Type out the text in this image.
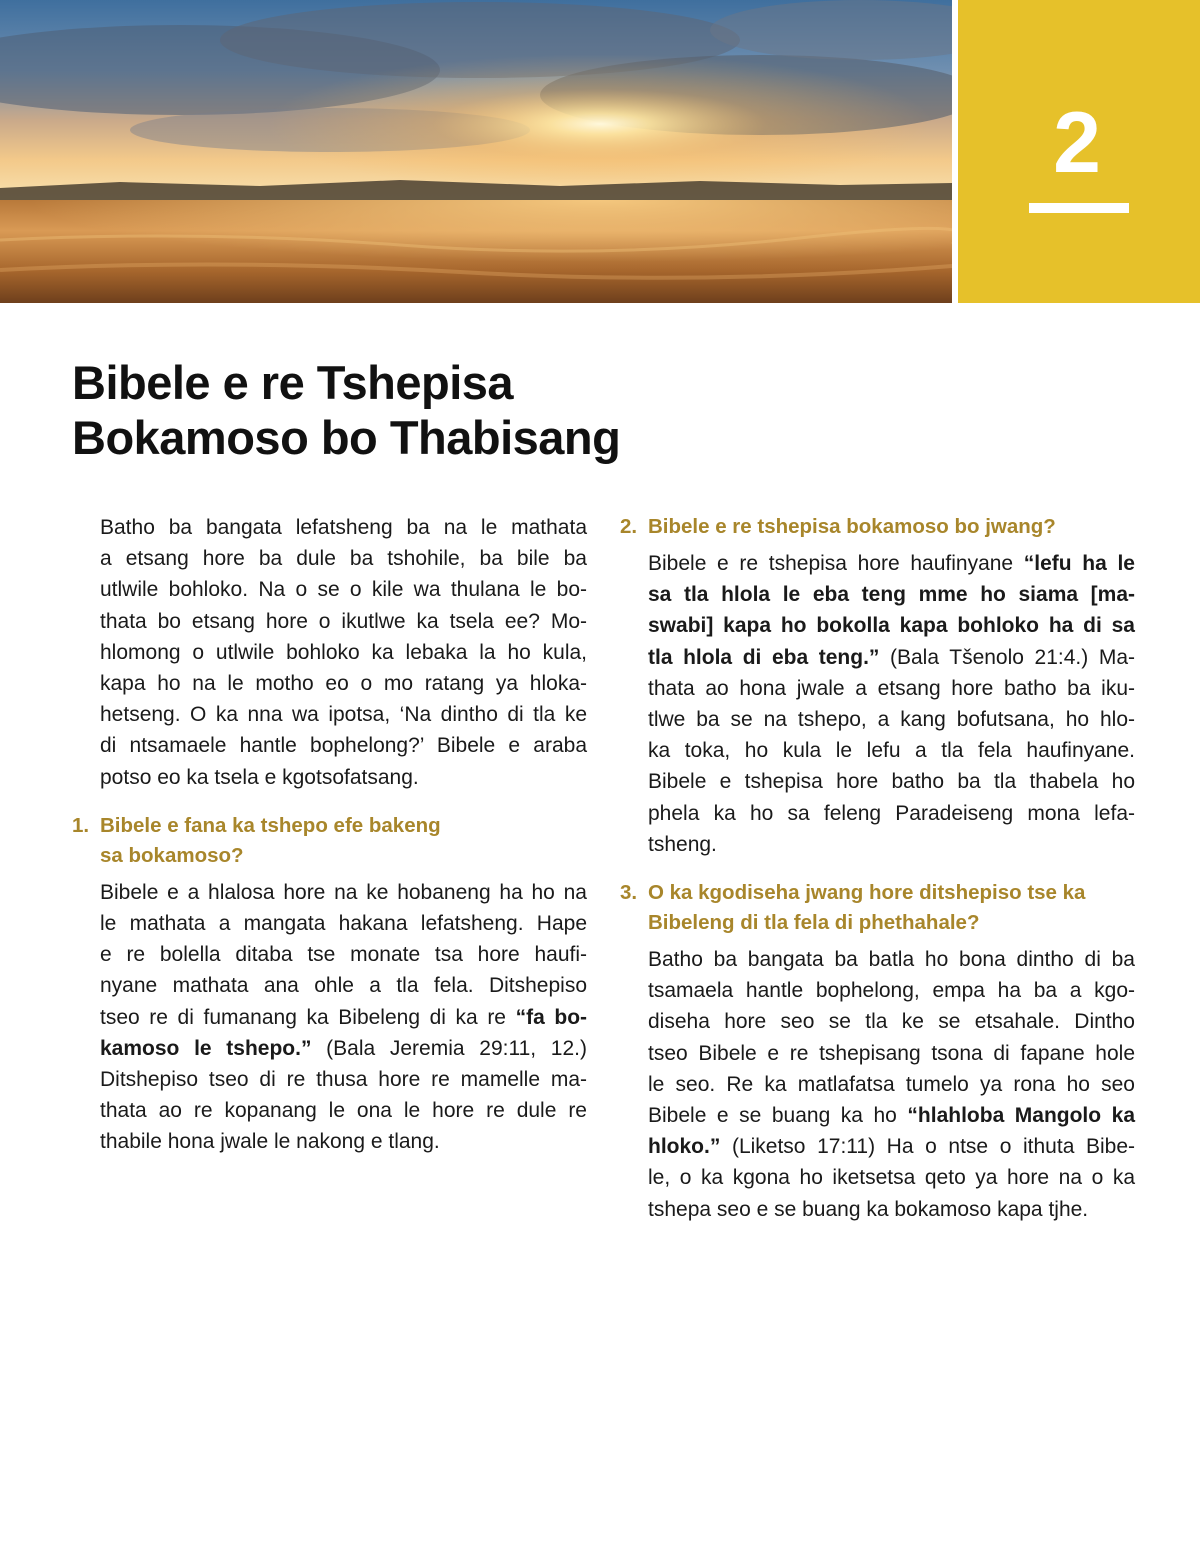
2
Bibele e re Tshepisa
Bokamoso bo Thabisang
Batho ba bangata lefatsheng ba na le mathata
a etsang hore ba dule ba tshohile, ba bile ba
utlwile bohloko. Na o se o kile wa thulana le bo-
thata bo etsang hore o ikutlwe ka tsela ee? Mo-
hlomong o utlwile bohloko ka lebaka la ho kula,
kapa ho na le motho eo o mo ratang ya hloka-
hetseng. O ka nna wa ipotsa, ‘Na dintho di tla ke
di ntsamaele hantle bophelong?’ Bibele e araba
potso eo ka tsela e kgotsofatsang.
1. Bibele e fana ka tshepo efe bakeng
sa bokamoso?
Bibele e a hlalosa hore na ke hobaneng ha ho na
le mathata a mangata hakana lefatsheng. Hape
e re bolella ditaba tse monate tsa hore haufi-
nyane mathata ana ohle a tla fela. Ditshepiso
tseo re di fumanang ka Bibeleng di ka re “fa bo-
kamoso le tshepo.” (Bala Jeremia 29:11, 12.)
Ditshepiso tseo di re thusa hore re mamelle ma-
thata ao re kopanang le ona le hore re dule re
thabile hona jwale le nakong e tlang.
2. Bibele e re tshepisa bokamoso bo jwang?
Bibele e re tshepisa hore haufinyane “lefu ha le
sa tla hlola le eba teng mme ho siama [ma-
swabi] kapa ho bokolla kapa bohloko ha di sa
tla hlola di eba teng.” (Bala Tšenolo 21:4.) Ma-
thata ao hona jwale a etsang hore batho ba iku-
tlwe ba se na tshepo, a kang bofutsana, ho hlo-
ka toka, ho kula le lefu a tla fela haufinyane.
Bibele e tshepisa hore batho ba tla thabela ho
phela ka ho sa feleng Paradeiseng mona lefa-
tsheng.
3. O ka kgodiseha jwang hore ditshepiso tse ka
Bibeleng di tla fela di phethahale?
Batho ba bangata ba batla ho bona dintho di ba
tsamaela hantle bophelong, empa ha ba a kgo-
diseha hore seo se tla ke se etsahale. Dintho
tseo Bibele e re tshepisang tsona di fapane hole
le seo. Re ka matlafatsa tumelo ya rona ho seo
Bibele e se buang ka ho “hlahloba Mangolo ka
hloko.” (Liketso 17:11) Ha o ntse o ithuta Bibe-
le, o ka kgona ho iketsetsa qeto ya hore na o ka
tshepa seo e se buang ka bokamoso kapa tjhe.
